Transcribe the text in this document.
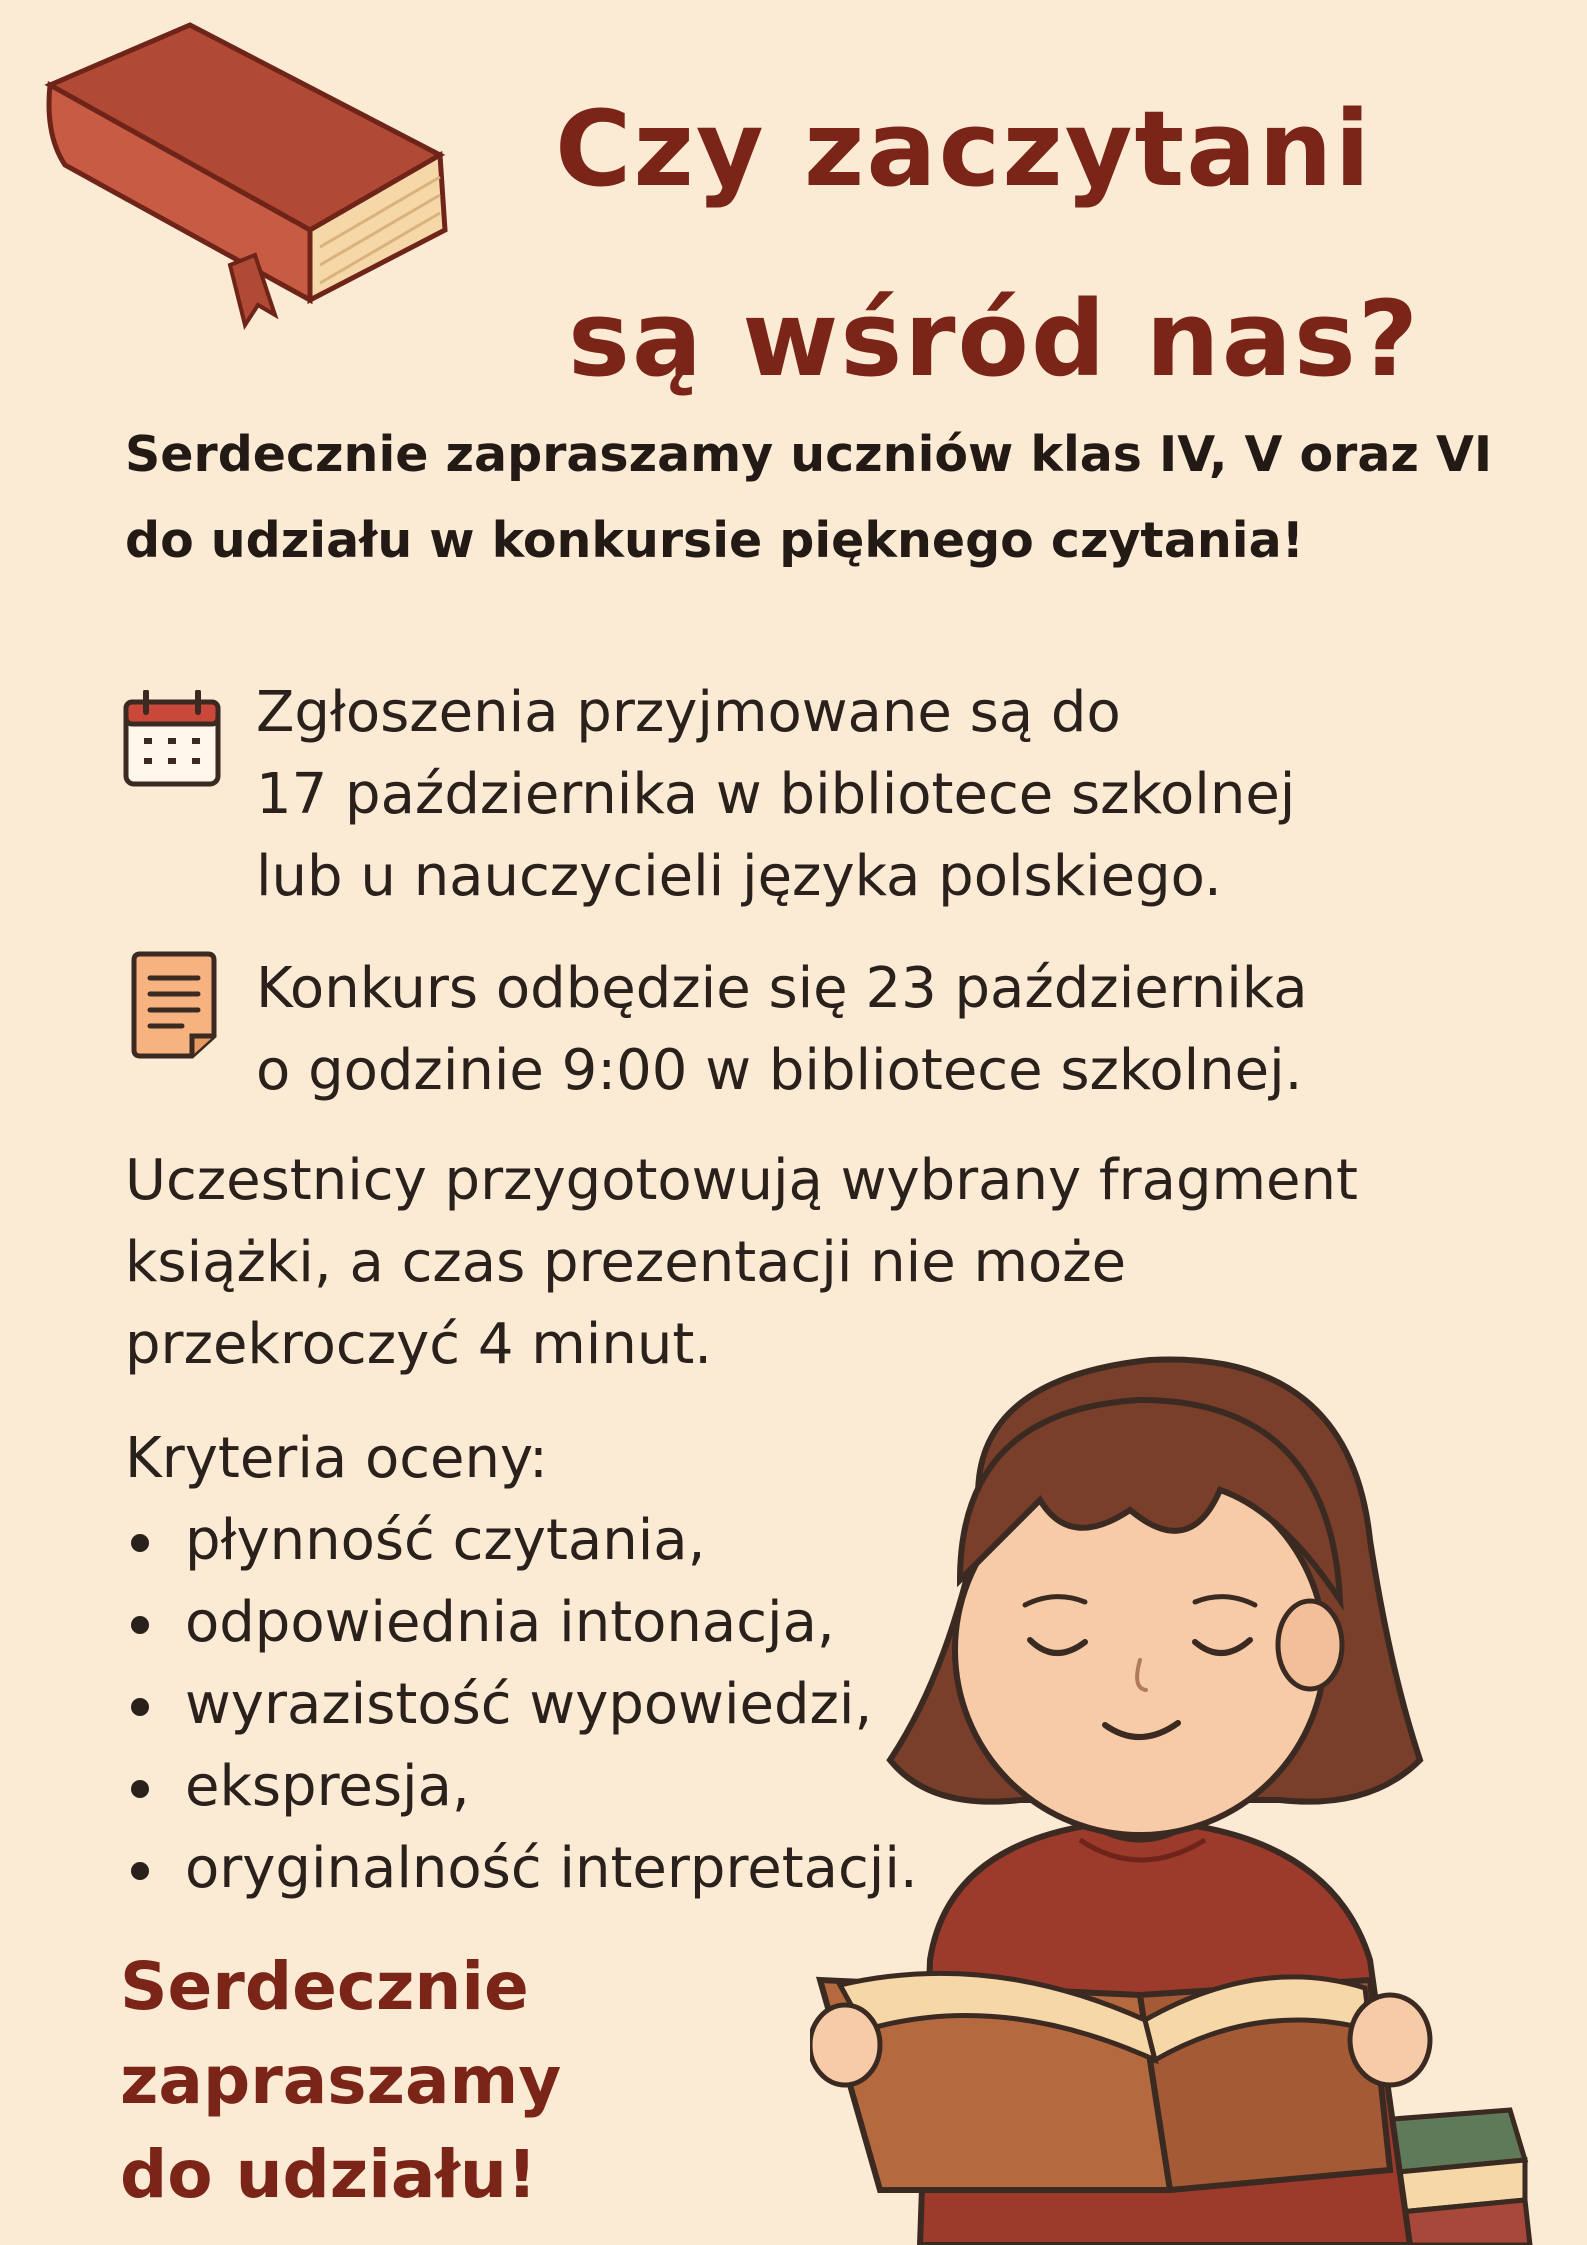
Czy zaczytani
są wśród nas?
Serdecznie zapraszamy uczniów klas IV, V oraz VI
do udziału w konkursie pięknego czytania!
Zgłoszenia przyjmowane są do
17 października w bibliotece szkolnej
lub u nauczycieli języka polskiego.
Konkurs odbędzie się 23 października
o godzinie 9:00 w bibliotece szkolnej.
Uczestnicy przygotowują wybrany fragment
książki, a czas prezentacji nie może
przekroczyć 4 minut.
Kryteria oceny:
płynność czytania,
odpowiednia intonacja,
wyrazistość wypowiedzi,
ekspresja,
oryginalność interpretacji.
Serdecznie
zapraszamy
do udziału!
